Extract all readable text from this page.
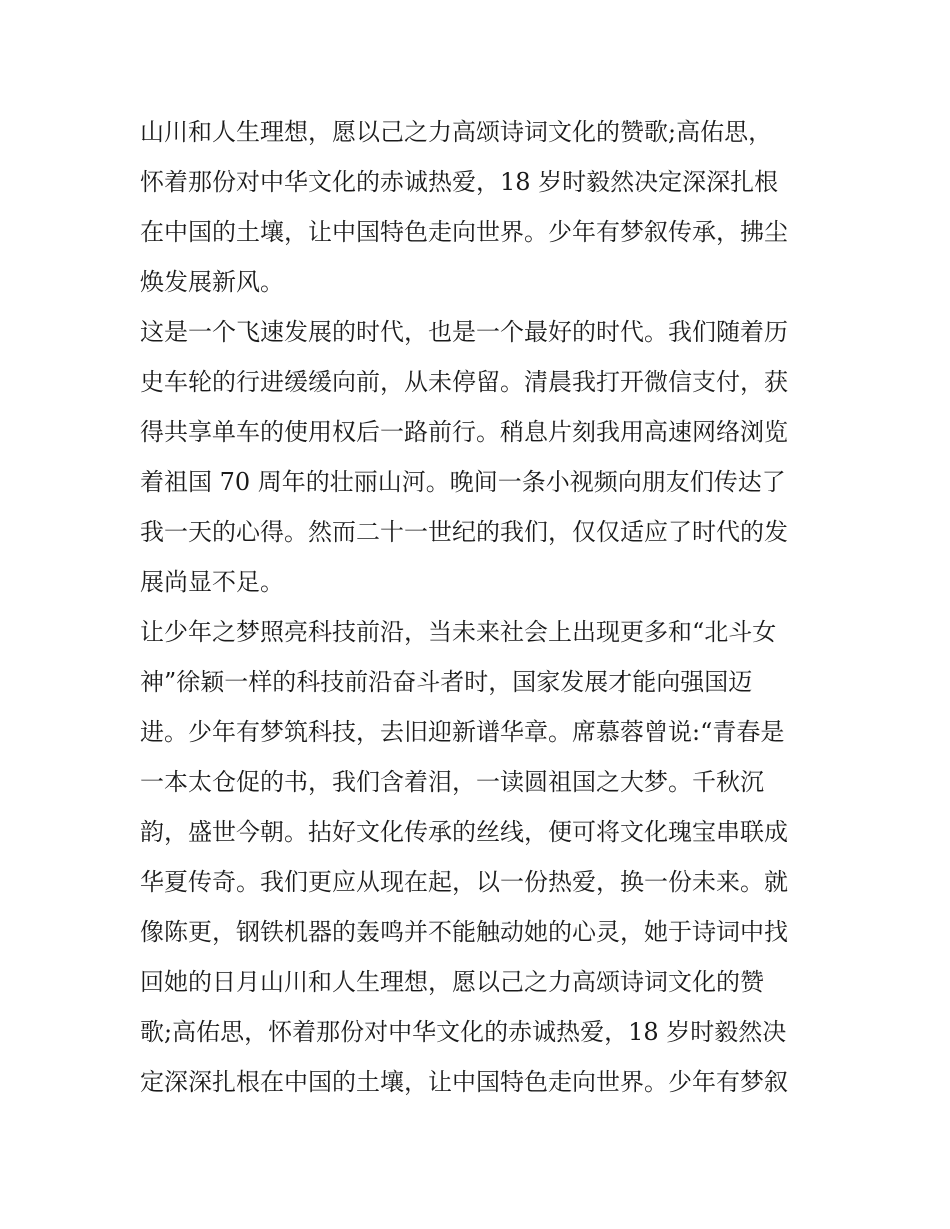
山川和人生理想，愿以己之力高颂诗词文化的赞歌;高佑思，
怀着那份对中华文化的赤诚热爱，18 岁时毅然决定深深扎根
在中国的土壤，让中国特色走向世界。少年有梦叙传承，拂尘
焕发展新风。
这是一个飞速发展的时代，也是一个最好的时代。我们随着历
史车轮的行进缓缓向前，从未停留。清晨我打开微信支付，获
得共享单车的使用权后一路前行。稍息片刻我用高速网络浏览
着祖国 70 周年的壮丽山河。晚间一条小视频向朋友们传达了
我一天的心得。然而二十一世纪的我们，仅仅适应了时代的发
展尚显不足。
让少年之梦照亮科技前沿，当未来社会上出现更多和“北斗女
神”徐颖一样的科技前沿奋斗者时，国家发展才能向强国迈
进。少年有梦筑科技，去旧迎新谱华章。席慕蓉曾说:“青春是
一本太仓促的书，我们含着泪，一读圆祖国之大梦。千秋沉
韵，盛世今朝。拈好文化传承的丝线，便可将文化瑰宝串联成
华夏传奇。我们更应从现在起，以一份热爱，换一份未来。就
像陈更，钢铁机器的轰鸣并不能触动她的心灵，她于诗词中找
回她的日月山川和人生理想，愿以己之力高颂诗词文化的赞
歌;高佑思，怀着那份对中华文化的赤诚热爱，18 岁时毅然决
定深深扎根在中国的土壤，让中国特色走向世界。少年有梦叙
